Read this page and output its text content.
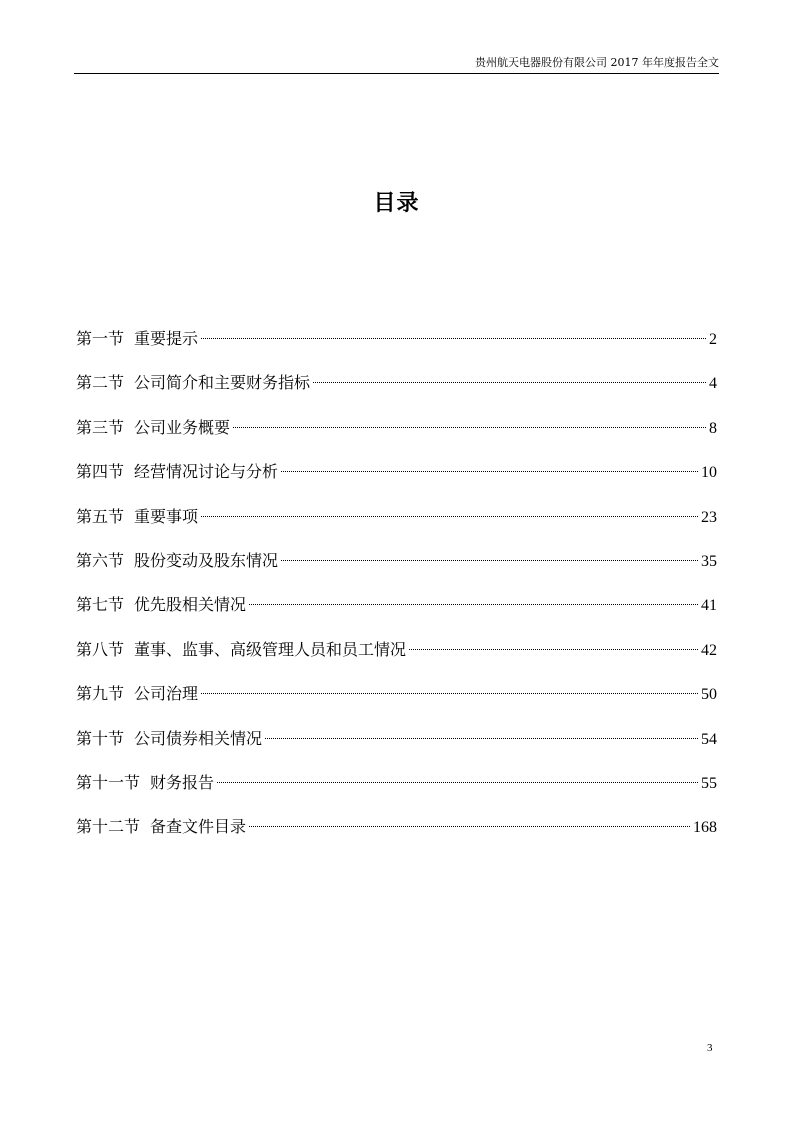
贵州航天电器股份有限公司 2017 年年度报告全文
目录
第一节 重要提示	2
第二节 公司简介和主要财务指标	4
第三节 公司业务概要	8
第四节 经营情况讨论与分析	10
第五节 重要事项	23
第六节 股份变动及股东情况	35
第七节 优先股相关情况	41
第八节 董事、监事、高级管理人员和员工情况	42
第九节 公司治理	50
第十节 公司债券相关情况	54
第十一节 财务报告	55
第十二节 备查文件目录	168
3
